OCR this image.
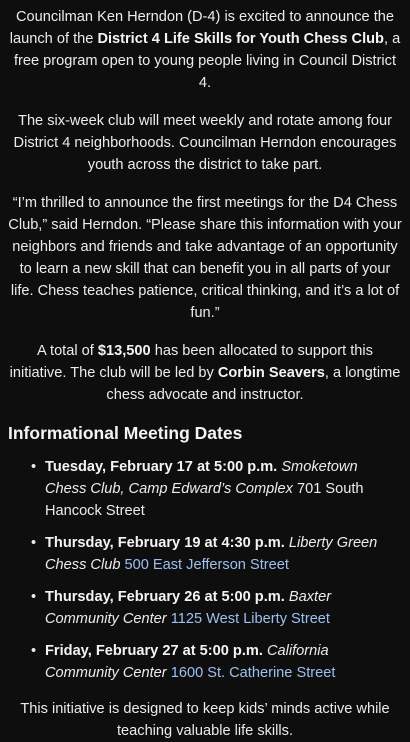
Councilman Ken Herndon (D-4) is excited to announce the launch of the District 4 Life Skills for Youth Chess Club, a free program open to young people living in Council District 4.

The six-week club will meet weekly and rotate among four District 4 neighborhoods. Councilman Herndon encourages youth across the district to take part.

“I’m thrilled to announce the first meetings for the D4 Chess Club,” said Herndon. “Please share this information with your neighbors and friends and take advantage of an opportunity to learn a new skill that can benefit you in all parts of your life. Chess teaches patience, critical thinking, and it’s a lot of fun.”

A total of $13,500 has been allocated to support this initiative. The club will be led by Corbin Seavers, a longtime chess advocate and instructor.

Informational Meeting Dates
• Tuesday, February 17 at 5:00 p.m. Smoketown Chess Club, Camp Edward’s Complex 701 South Hancock Street
• Thursday, February 19 at 4:30 p.m. Liberty Green Chess Club 500 East Jefferson Street
• Thursday, February 26 at 5:00 p.m. Baxter Community Center 1125 West Liberty Street
• Friday, February 27 at 5:00 p.m. California Community Center 1600 St. Catherine Street

This initiative is designed to keep kids’ minds active while teaching valuable life skills.
